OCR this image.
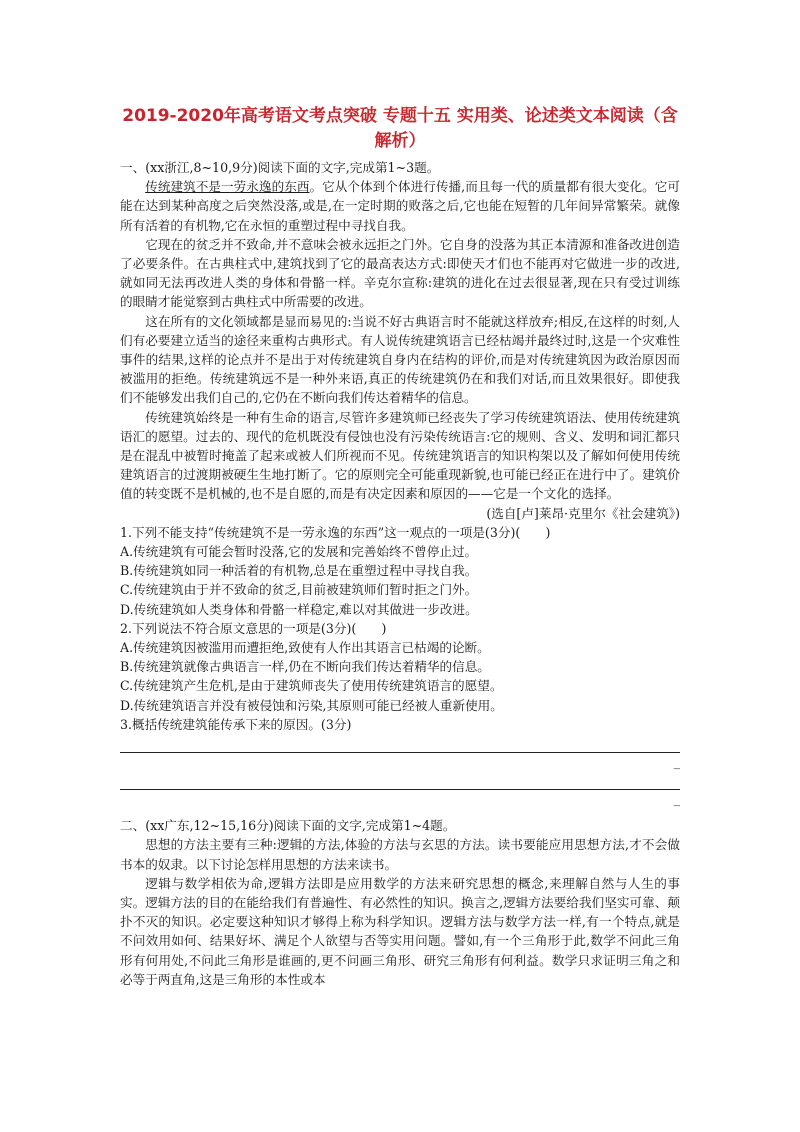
2019-2020年高考语文考点突破 专题十五 实用类、论述类文本阅读（含
解析）

一、(xx浙江,8~10,9分)阅读下面的文字,完成第1~3题。

传统建筑不是一劳永逸的东西。它从个体到个体进行传播,而且每一代的质量都有很大变化。它可能在达到某种高度之后突然没落,或是,在一定时期的败落之后,它也能在短暂的几年间异常繁荣。就像所有活着的有机物,它在永恒的重塑过程中寻找自我。

它现在的贫乏并不致命,并不意味会被永远拒之门外。它自身的没落为其正本清源和准备改进创造了必要条件。在古典柱式中,建筑找到了它的最高表达方式:即使天才们也不能再对它做进一步的改进,就如同无法再改进人类的身体和骨骼一样。辛克尔宣称:建筑的进化在过去很显著,现在只有受过训练的眼睛才能觉察到古典柱式中所需要的改进。

这在所有的文化领域都是显而易见的:当说不好古典语言时不能就这样放弃;相反,在这样的时刻,人们有必要建立适当的途径来重构古典形式。有人说传统建筑语言已经枯竭并最终过时,这是一个灾难性事件的结果,这样的论点并不是出于对传统建筑自身内在结构的评价,而是对传统建筑因为政治原因而被滥用的拒绝。传统建筑远不是一种外来语,真正的传统建筑仍在和我们对话,而且效果很好。即使我们不能够发出我们自己的,它仍在不断向我们传达着精华的信息。

传统建筑始终是一种有生命的语言,尽管许多建筑师已经丧失了学习传统建筑语法、使用传统建筑语汇的愿望。过去的、现代的危机既没有侵蚀也没有污染传统语言:它的规则、含义、发明和词汇都只是在混乱中被暂时掩盖了起来或被人们所视而不见。传统建筑语言的知识构架以及了解如何使用传统建筑语言的过渡期被硬生生地打断了。它的原则完全可能重现新貌,也可能已经正在进行中了。建筑价值的转变既不是机械的,也不是自愿的,而是有决定因素和原因的——它是一个文化的选择。

(选自[卢]莱昂·克里尔《社会建筑》)

1.下列不能支持“传统建筑不是一劳永逸的东西”这一观点的一项是(3分)(　　)

A.传统建筑有可能会暂时没落,它的发展和完善始终不曾停止过。

B.传统建筑如同一种活着的有机物,总是在重塑过程中寻找自我。

C.传统建筑由于并不致命的贫乏,目前被建筑师们暂时拒之门外。

D.传统建筑如人类身体和骨骼一样稳定,难以对其做进一步改进。

2.下列说法不符合原文意思的一项是(3分)(　　)

A.传统建筑因被滥用而遭拒绝,致使有人作出其语言已枯竭的论断。

B.传统建筑就像古典语言一样,仍在不断向我们传达着精华的信息。

C.传统建筑产生危机,是由于建筑师丧失了使用传统建筑语言的愿望。

D.传统建筑语言并没有被侵蚀和污染,其原则可能已经被人重新使用。

3.概括传统建筑能传承下来的原因。(3分)

_
_

二、(xx广东,12~15,16分)阅读下面的文字,完成第1~4题。

思想的方法主要有三种:逻辑的方法,体验的方法与玄思的方法。读书要能应用思想方法,才不会做书本的奴隶。以下讨论怎样用思想的方法来读书。

逻辑与数学相依为命,逻辑方法即是应用数学的方法来研究思想的概念,来理解自然与人生的事实。逻辑方法的目的在能给我们有普遍性、有必然性的知识。换言之,逻辑方法要给我们坚实可靠、颠扑不灭的知识。必定要这种知识才够得上称为科学知识。逻辑方法与数学方法一样,有一个特点,就是不问效用如何、结果好坏、满足个人欲望与否等实用问题。譬如,有一个三角形于此,数学不问此三角形有何用处,不问此三角形是谁画的,更不问画三角形、研究三角形有何利益。数学只求证明三角之和必等于两直角,这是三角形的本性或本
